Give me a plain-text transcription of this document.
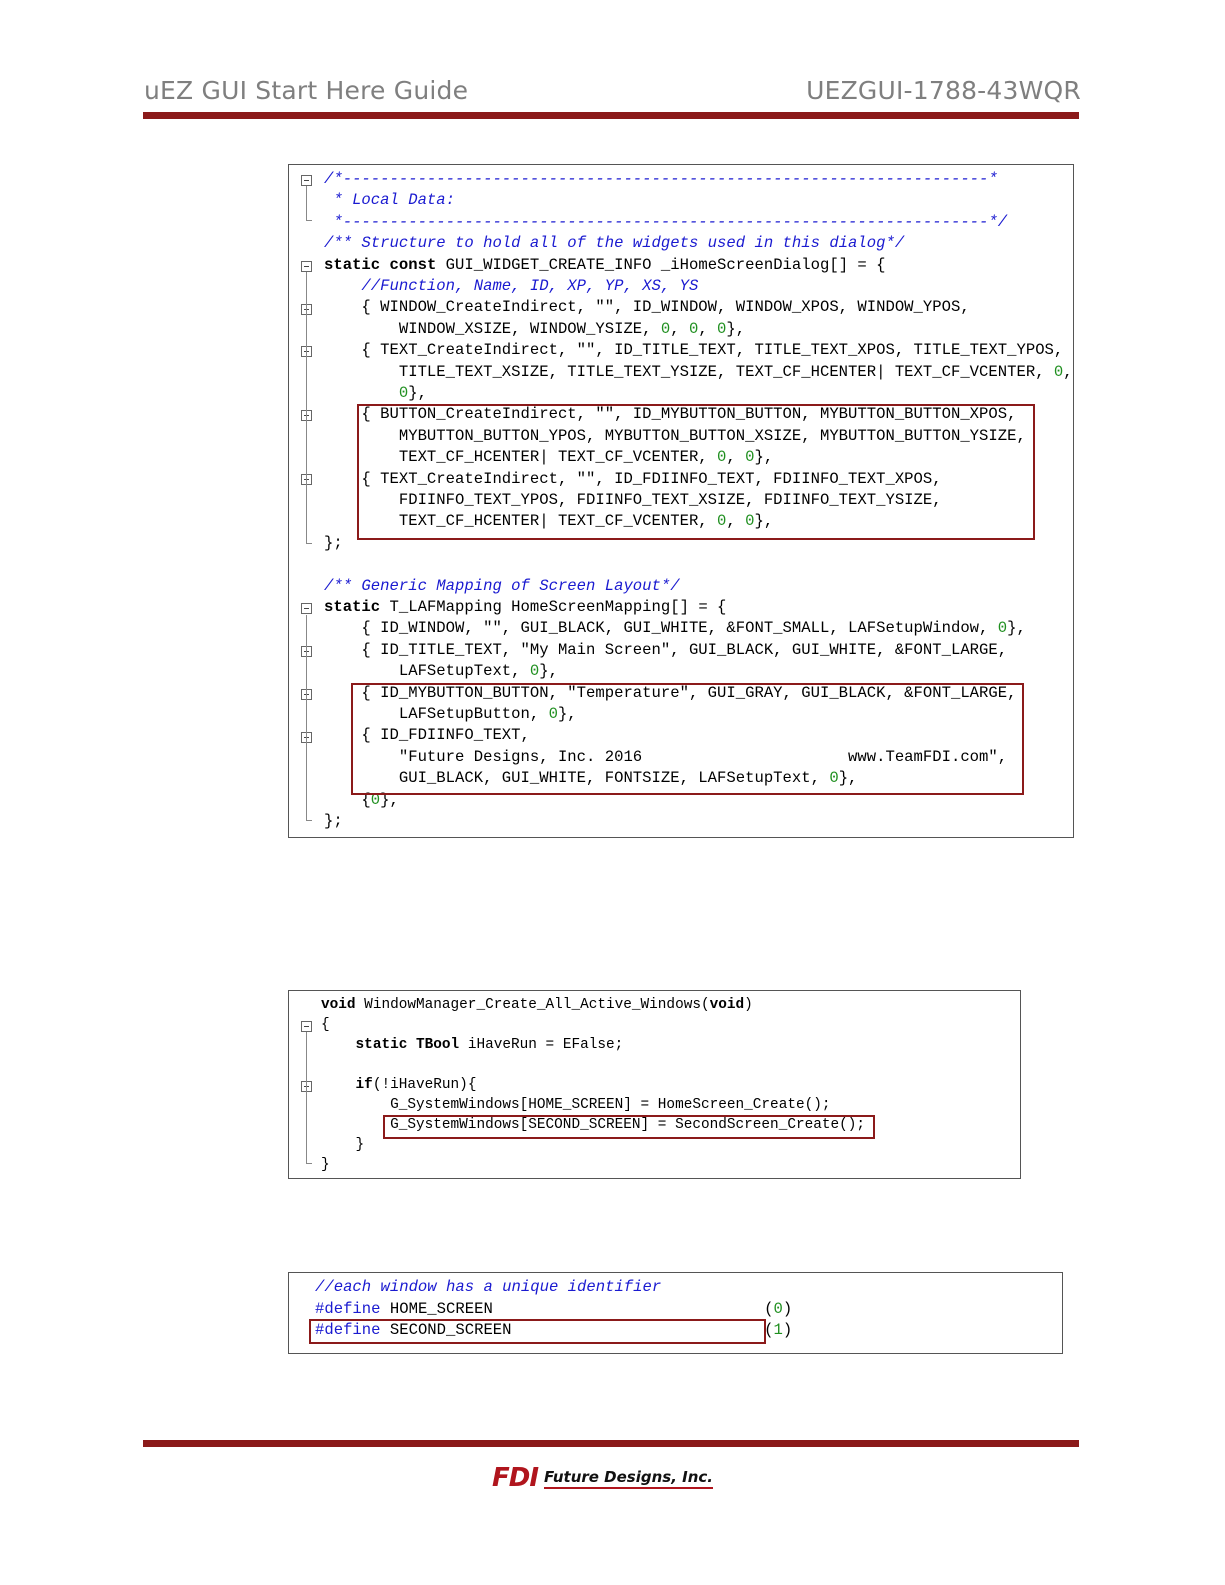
uEZ GUI Start Here Guide	UEZGUI-1788-43WQR
/*---------------------------------------------------------------------*
* Local Data:
*---------------------------------------------------------------------*/
/** Structure to hold all of the widgets used in this dialog*/
static const GUI_WIDGET_CREATE_INFO _iHomeScreenDialog[] = {
//Function, Name, ID, XP, YP, XS, YS
{ WINDOW_CreateIndirect, "", ID_WINDOW, WINDOW_XPOS, WINDOW_YPOS,
WINDOW_XSIZE, WINDOW_YSIZE, 0, 0, 0},
{ TEXT_CreateIndirect, "", ID_TITLE_TEXT, TITLE_TEXT_XPOS, TITLE_TEXT_YPOS,
TITLE_TEXT_XSIZE, TITLE_TEXT_YSIZE, TEXT_CF_HCENTER| TEXT_CF_VCENTER, 0,
0},
{ BUTTON_CreateIndirect, "", ID_MYBUTTON_BUTTON, MYBUTTON_BUTTON_XPOS,
MYBUTTON_BUTTON_YPOS, MYBUTTON_BUTTON_XSIZE, MYBUTTON_BUTTON_YSIZE,
TEXT_CF_HCENTER| TEXT_CF_VCENTER, 0, 0},
{ TEXT_CreateIndirect, "", ID_FDIINFO_TEXT, FDIINFO_TEXT_XPOS,
FDIINFO_TEXT_YPOS, FDIINFO_TEXT_XSIZE, FDIINFO_TEXT_YSIZE,
TEXT_CF_HCENTER| TEXT_CF_VCENTER, 0, 0},
};
/** Generic Mapping of Screen Layout*/
static T_LAFMapping HomeScreenMapping[] = {
{ ID_WINDOW, "", GUI_BLACK, GUI_WHITE, &FONT_SMALL, LAFSetupWindow, 0},
{ ID_TITLE_TEXT, "My Main Screen", GUI_BLACK, GUI_WHITE, &FONT_LARGE,
LAFSetupText, 0},
{ ID_MYBUTTON_BUTTON, "Temperature", GUI_GRAY, GUI_BLACK, &FONT_LARGE,
LAFSetupButton, 0},
{ ID_FDIINFO_TEXT,
"Future Designs, Inc. 2016                      www.TeamFDI.com",
GUI_BLACK, GUI_WHITE, FONTSIZE, LAFSetupText, 0},
{0},
};
void WindowManager_Create_All_Active_Windows(void)
{
static TBool iHaveRun = EFalse;
if(!iHaveRun){
G_SystemWindows[HOME_SCREEN] = HomeScreen_Create();
G_SystemWindows[SECOND_SCREEN] = SecondScreen_Create();
}
}
//each window has a unique identifier
#define HOME_SCREEN                             (0)
#define SECOND_SCREEN                           (1)
FDI Future Designs, Inc.
